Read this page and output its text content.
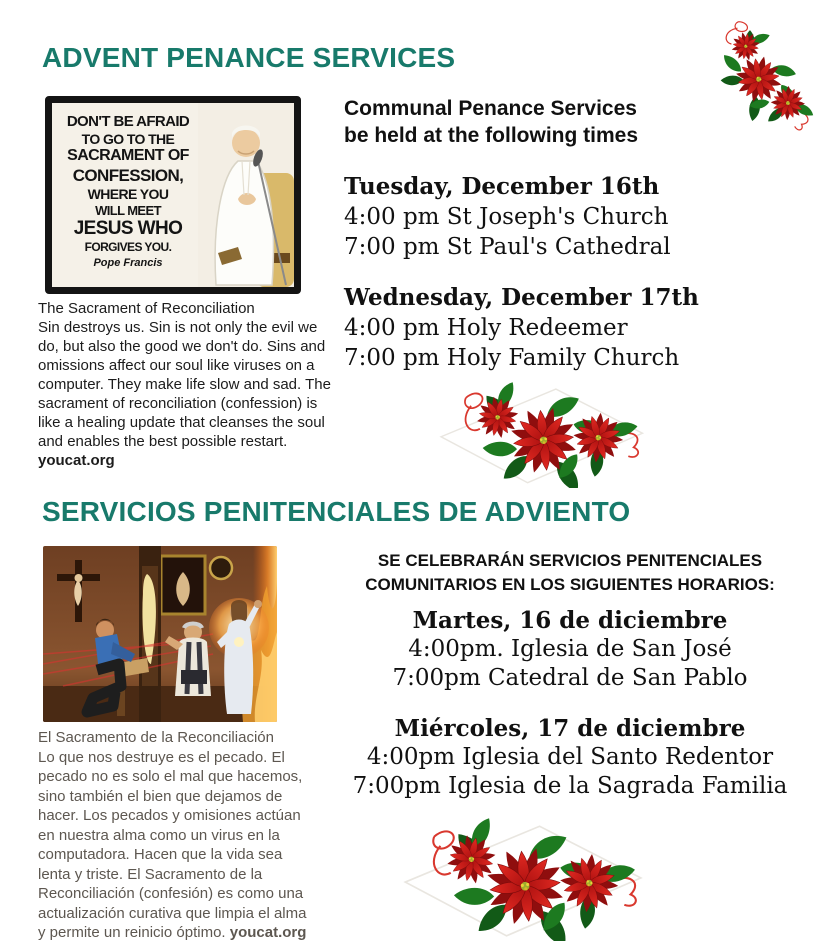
ADVENT PENANCE SERVICES
SERVICIOS PENITENCIALES DE ADVIENTO
DON'T BE AFRAID
TO GO TO THE
SACRAMENT OF
CONFESSION,
WHERE YOU
WILL MEET
JESUS WHO
FORGIVES YOU.
Pope Francis
The Sacrament of Reconciliation
Sin destroys us. Sin is not only the evil we do, but also the good we don't do. Sins and omissions affect our soul like viruses on a computer. They make life slow and sad. The sacrament of reconciliation (confession) is like a healing update that cleanses the soul and enables the best possible restart.
youcat.org
Communal Penance Services
be held at the following times
Tuesday, December 16th
4:00 pm St Joseph's Church
7:00 pm St Paul's Cathedral
Wednesday, December 17th
4:00 pm Holy Redeemer
7:00 pm Holy Family Church
El Sacramento de la Reconciliación
Lo que nos destruye es el pecado. El pecado no es solo el mal que hacemos, sino también el bien que dejamos de hacer. Los pecados y omisiones actúan en nuestra alma como un virus en la computadora. Hacen que la vida sea lenta y triste. El Sacramento de la Reconciliación (confesión) es como una actualización curativa que limpia el alma y permite un reinicio óptimo. youcat.org
SE CELEBRARÁN SERVICIOS PENITENCIALES
COMUNITARIOS EN LOS SIGUIENTES HORARIOS:
Martes, 16 de diciembre
4:00pm. Iglesia de San José
7:00pm Catedral de San Pablo
Miércoles, 17 de diciembre
4:00pm Iglesia del Santo Redentor
7:00pm Iglesia de la Sagrada Familia
